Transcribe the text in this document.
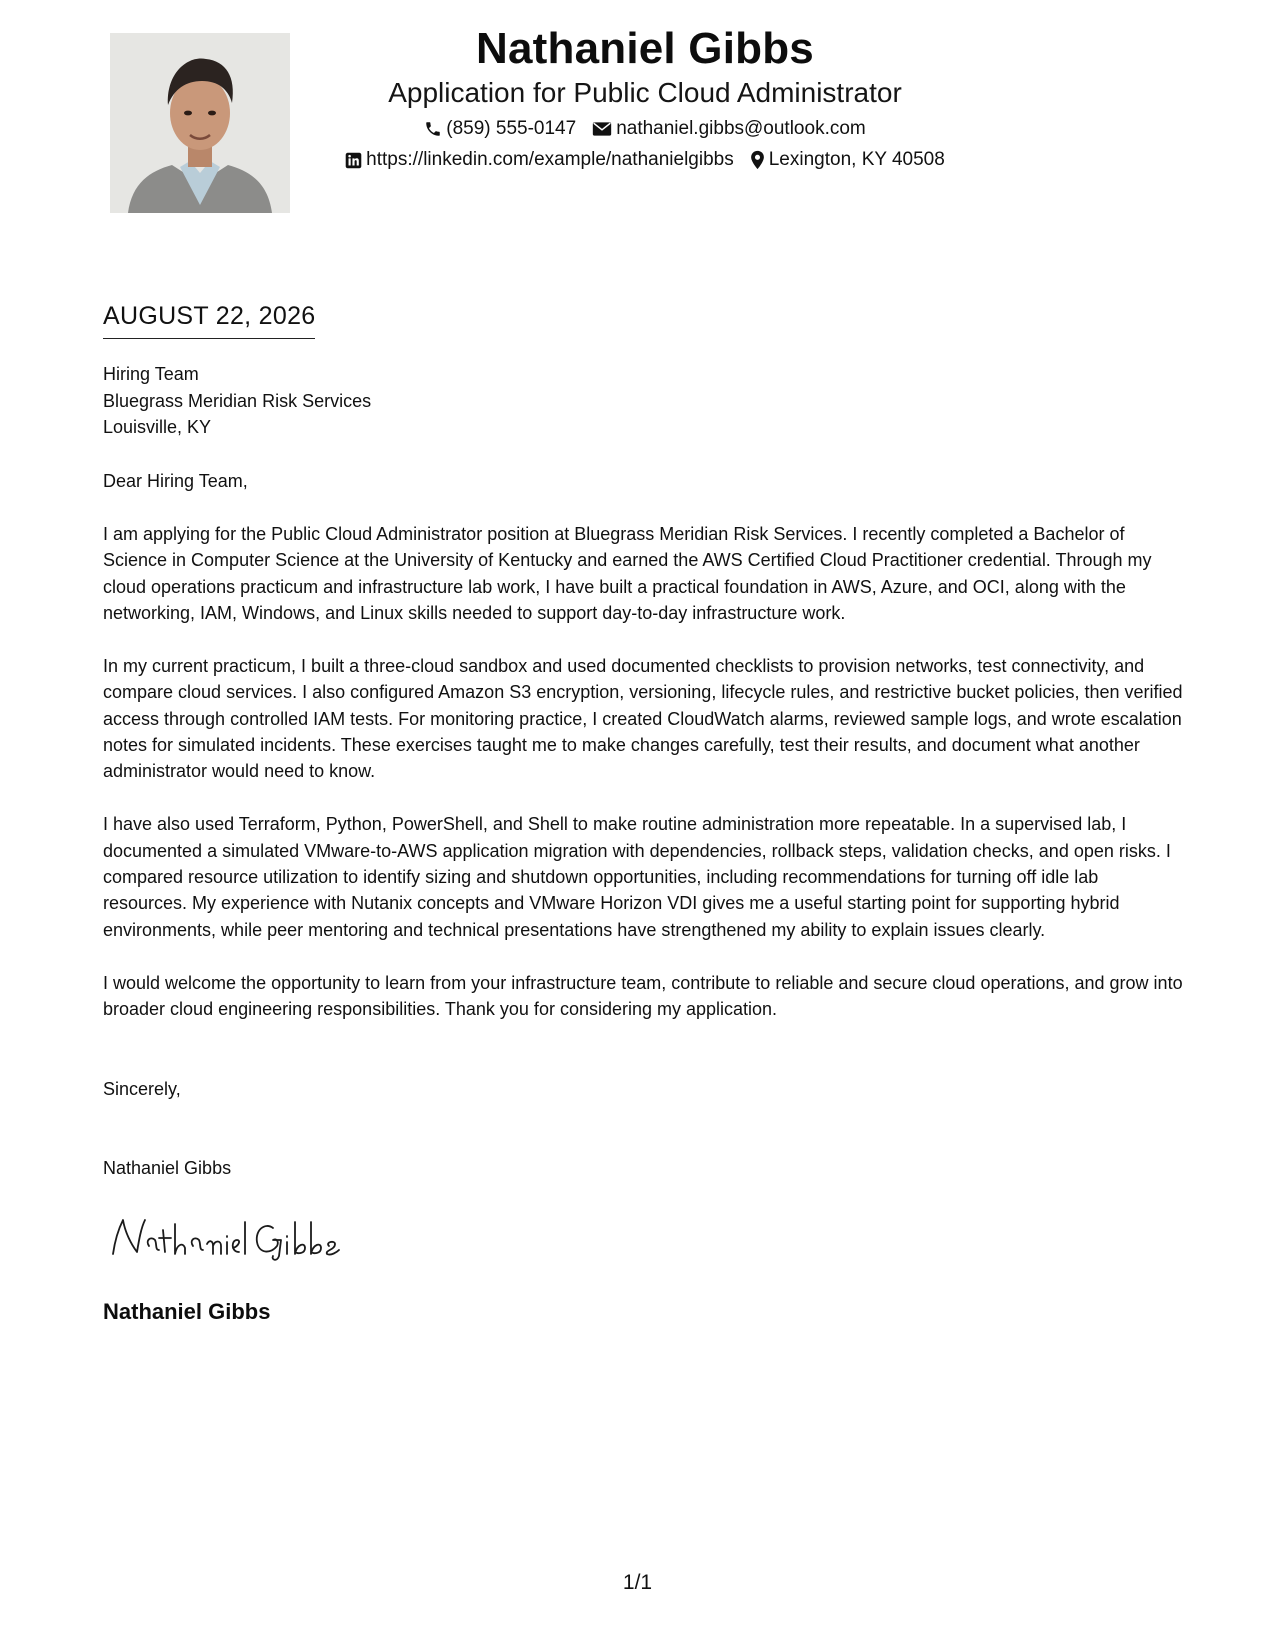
Nathaniel Gibbs
Application for Public Cloud Administrator
(859) 555-0147 nathaniel.gibbs@outlook.com
https://linkedin.com/example/nathanielgibbs Lexington, KY 40508
AUGUST 22, 2026
Hiring Team
Bluegrass Meridian Risk Services
Louisville, KY

Dear Hiring Team,

I am applying for the Public Cloud Administrator position at Bluegrass Meridian Risk Services. I recently completed a Bachelor of Science in Computer Science at the University of Kentucky and earned the AWS Certified Cloud Practitioner credential. Through my cloud operations practicum and infrastructure lab work, I have built a practical foundation in AWS, Azure, and OCI, along with the networking, IAM, Windows, and Linux skills needed to support day-to-day infrastructure work.

In my current practicum, I built a three-cloud sandbox and used documented checklists to provision networks, test connectivity, and compare cloud services. I also configured Amazon S3 encryption, versioning, lifecycle rules, and restrictive bucket policies, then verified access through controlled IAM tests. For monitoring practice, I created CloudWatch alarms, reviewed sample logs, and wrote escalation notes for simulated incidents. These exercises taught me to make changes carefully, test their results, and document what another administrator would need to know.

I have also used Terraform, Python, PowerShell, and Shell to make routine administration more repeatable. In a supervised lab, I documented a simulated VMware-to-AWS application migration with dependencies, rollback steps, validation checks, and open risks. I compared resource utilization to identify sizing and shutdown opportunities, including recommendations for turning off idle lab resources. My experience with Nutanix concepts and VMware Horizon VDI gives me a useful starting point for supporting hybrid environments, while peer mentoring and technical presentations have strengthened my ability to explain issues clearly.

I would welcome the opportunity to learn from your infrastructure team, contribute to reliable and secure cloud operations, and grow into broader cloud engineering responsibilities. Thank you for considering my application.

Sincerely,
Nathaniel Gibbs
Nathaniel Gibbs
1/1
